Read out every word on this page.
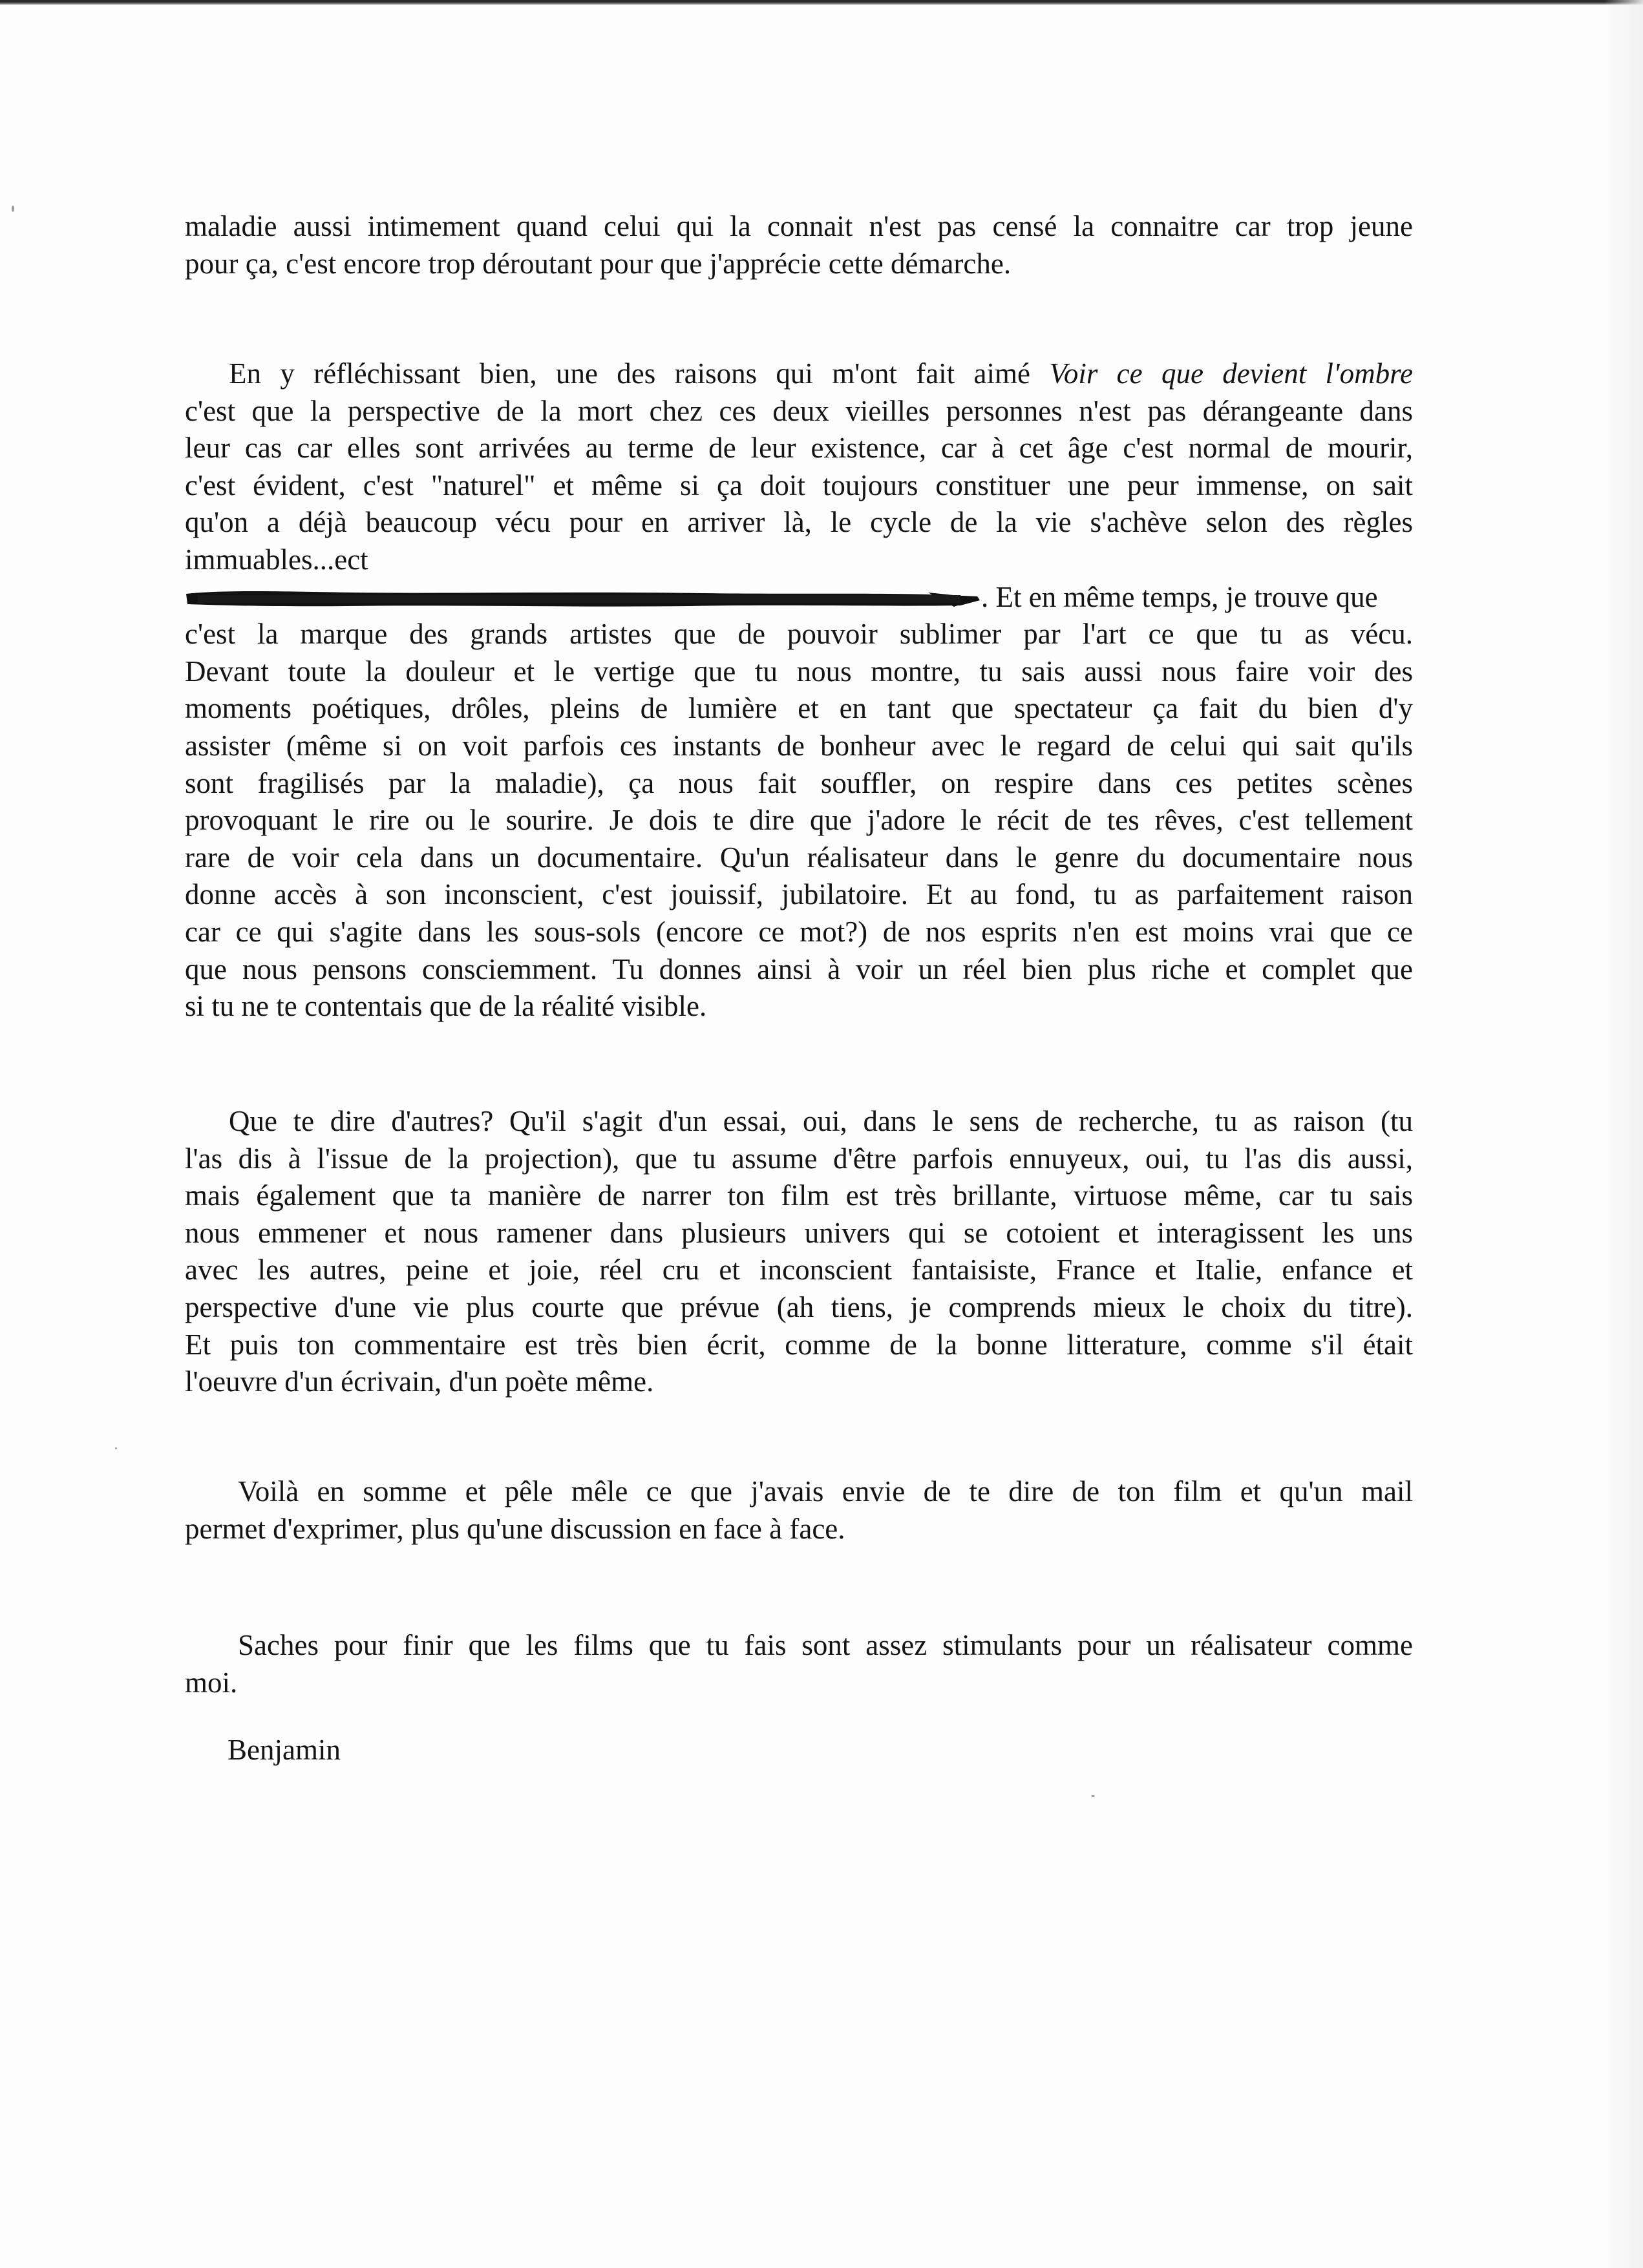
maladie aussi intimement quand celui qui la connait n'est pas censé la connaitre car trop jeune
pour ça, c'est encore trop déroutant pour que j'apprécie cette démarche.
En y réfléchissant bien, une des raisons qui m'ont fait aimé Voir ce que devient l'ombre
c'est que la perspective de la mort chez ces deux vieilles personnes n'est pas dérangeante dans
leur cas car elles sont arrivées au terme de leur existence, car à cet âge c'est normal de mourir,
c'est évident, c'est "naturel" et même si ça doit toujours constituer une peur immense, on sait
qu'on a déjà beaucoup vécu pour en arriver là, le cycle de la vie s'achève selon des règles
immuables...ect
. Et en même temps, je trouve que
c'est la marque des grands artistes que de pouvoir sublimer par l'art ce que tu as vécu.
Devant toute la douleur et le vertige que tu nous montre, tu sais aussi nous faire voir des
moments poétiques, drôles, pleins de lumière et en tant que spectateur ça fait du bien d'y
assister (même si on voit parfois ces instants de bonheur avec le regard de celui qui sait qu'ils
sont fragilisés par la maladie), ça nous fait souffler, on respire dans ces petites scènes
provoquant le rire ou le sourire. Je dois te dire que j'adore le récit de tes rêves, c'est tellement
rare de voir cela dans un documentaire. Qu'un réalisateur dans le genre du documentaire nous
donne accès à son inconscient, c'est jouissif, jubilatoire. Et au fond, tu as parfaitement raison
car ce qui s'agite dans les sous-sols (encore ce mot?) de nos esprits n'en est moins vrai que ce
que nous pensons consciemment. Tu donnes ainsi à voir un réel bien plus riche et complet que
si tu ne te contentais que de la réalité visible.
Que te dire d'autres? Qu'il s'agit d'un essai, oui, dans le sens de recherche, tu as raison (tu
l'as dis à l'issue de la projection), que tu assume d'être parfois ennuyeux, oui, tu l'as dis aussi,
mais également que ta manière de narrer ton film est très brillante, virtuose même, car tu sais
nous emmener et nous ramener dans plusieurs univers qui se cotoient et interagissent les uns
avec les autres, peine et joie, réel cru et inconscient fantaisiste, France et Italie, enfance et
perspective d'une vie plus courte que prévue (ah tiens, je comprends mieux le choix du titre).
Et puis ton commentaire est très bien écrit, comme de la bonne litterature, comme s'il était
l'oeuvre d'un écrivain, d'un poète même.
Voilà en somme et pêle mêle ce que j'avais envie de te dire de ton film et qu'un mail
permet d'exprimer, plus qu'une discussion en face à face.
Saches pour finir que les films que tu fais sont assez stimulants pour un réalisateur comme
moi.
Benjamin
